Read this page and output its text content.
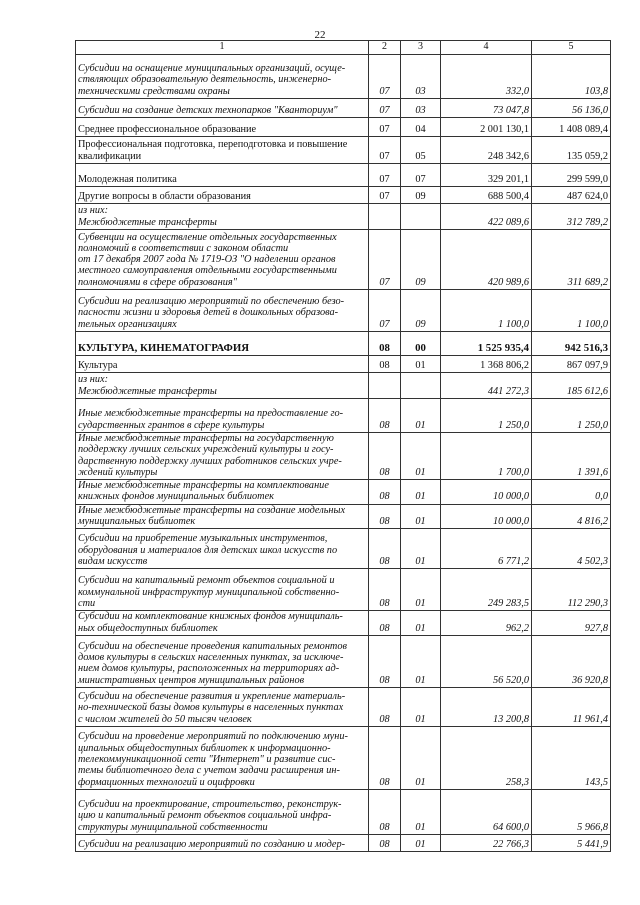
22
1	2	3	4	5

Субсидии на оснащение муниципальных организаций, осуще-
ствляющих образовательную деятельность, инженерно-
техническими средствами охраны	07	03	332,0	103,8

Субсидии на создание детских технопарков "Кванториум"	07	03	73 047,8	56 136,0

Среднее профессиональное образование	07	04	2 001 130,1	1 408 089,4

Профессиональная подготовка, переподготовка и повышение
квалификации	07	05	248 342,6	135 059,2

Молодежная политика	07	07	329 201,1	299 599,0

Другие вопросы в области образования	07	09	688 500,4	487 624,0

из них:
Межбюджетные трансферты			422 089,6	312 789,2

Субвенции на осуществление отдельных государственных
полномочий в соответствии с законом области
от 17 декабря 2007 года № 1719-ОЗ "О наделении органов
местного самоуправления отдельными государственными
полномочиями в сфере образования"	07	09	420 989,6	311 689,2

Субсидии на реализацию мероприятий по обеспечению безо-
пасности жизни и здоровья детей в дошкольных образова-
тельных организациях	07	09	1 100,0	1 100,0

КУЛЬТУРА, КИНЕМАТОГРАФИЯ	08	00	1 525 935,4	942 516,3

Культура	08	01	1 368 806,2	867 097,9

из них:
Межбюджетные трансферты			441 272,3	185 612,6

Иные межбюджетные трансферты на предоставление го-
сударственных грантов в сфере культуры	08	01	1 250,0	1 250,0

Иные межбюджетные трансферты на государственную
поддержку лучших сельских учреждений культуры и госу-
дарственную поддержку лучших работников сельских учре-
ждений культуры	08	01	1 700,0	1 391,6

Иные межбюджетные трансферты на комплектование
книжных фондов муниципальных библиотек	08	01	10 000,0	0,0

Иные межбюджетные трансферты на создание модельных
муниципальных библиотек	08	01	10 000,0	4 816,2

Субсидии на приобретение музыкальных инструментов,
оборудования и материалов для детских школ искусств по
видам искусств	08	01	6 771,2	4 502,3

Субсидии на капитальный ремонт объектов социальной и
коммунальной инфраструктур муниципальной собственно-
сти	08	01	249 283,5	112 290,3

Субсидии на комплектование книжных фондов муниципаль-
ных общедоступных библиотек	08	01	962,2	927,8

Субсидии на обеспечение проведения капитальных ремонтов
домов культуры в сельских населенных пунктах, за исключе-
нием домов культуры, расположенных на территориях ад-
министративных центров муниципальных районов	08	01	56 520,0	36 920,8

Субсидии на обеспечение развития и укрепление материаль-
но-технической базы домов культуры в населенных пунктах
с числом жителей до 50 тысяч человек	08	01	13 200,8	11 961,4

Субсидии на проведение мероприятий по подключению муни-
ципальных общедоступных библиотек к информационно-
телекоммуникационной сети "Интернет" и развитие сис-
темы библиотечного дела с учетом задачи расширения ин-
формационных технологий и оцифровки	08	01	258,3	143,5

Субсидии на проектирование, строительство, реконструк-
цию и капитальный ремонт объектов социальной инфра-
структуры муниципальной собственности	08	01	64 600,0	5 966,8

Субсидии на реализацию мероприятий по созданию и модер-	08	01	22 766,3	5 441,9
